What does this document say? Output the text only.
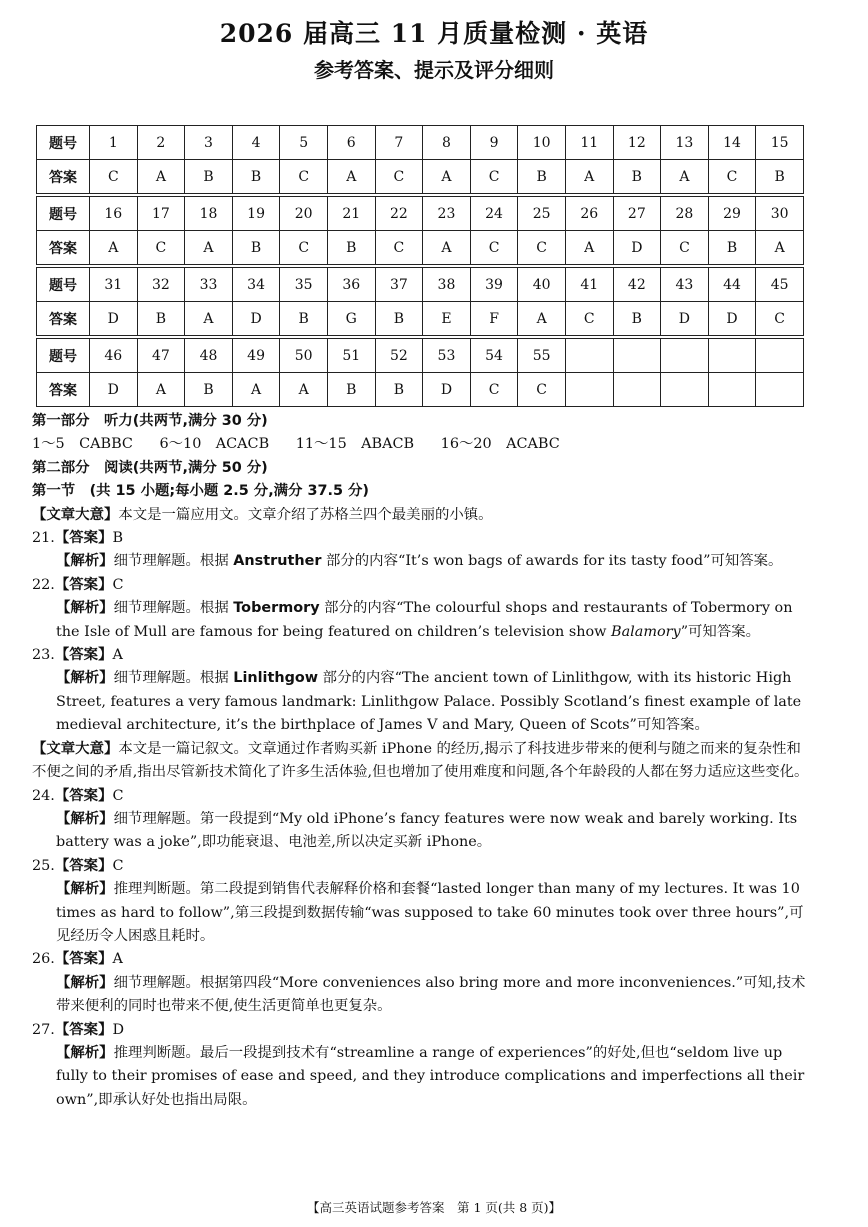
2026 届高三 11 月质量检测 · 英语
参考答案、提示及评分细则
题号	1	2	3	4	5	6	7	8	9	10	11	12	13	14	15
答案	C	A	B	B	C	A	C	A	C	B	A	B	A	C	B
题号	16	17	18	19	20	21	22	23	24	25	26	27	28	29	30
答案	A	C	A	B	C	B	C	A	C	C	A	D	C	B	A
题号	31	32	33	34	35	36	37	38	39	40	41	42	43	44	45
答案	D	B	A	D	B	G	B	E	F	A	C	B	D	D	C
题号	46	47	48	49	50	51	52	53	54	55					
答案	D	A	B	A	A	B	B	D	C	C					

第一部分　听力(共两节,满分 30 分)

1～5　CABBC 6～10　ACACB 11～15　ABACB 16～20　ACABC

第二部分　阅读(共两节,满分 50 分)

第一节　(共 15 小题;每小题 2.5 分,满分 37.5 分)

【文章大意】本文是一篇应用文。文章介绍了苏格兰四个最美丽的小镇。

21.【答案】B

【解析】细节理解题。根据 Anstruther 部分的内容“It’s won bags of awards for its tasty food”可知答案。

22.【答案】C

【解析】细节理解题。根据 Tobermory 部分的内容“The colourful shops and restaurants of Tobermory on the Isle of Mull are famous for being featured on children’s television show Balamory”可知答案。

23.【答案】A

【解析】细节理解题。根据 Linlithgow 部分的内容“The ancient town of Linlithgow, with its historic High Street, features a very famous landmark: Linlithgow Palace. Possibly Scotland’s finest example of late medieval architecture, it’s the birthplace of James V and Mary, Queen of Scots”可知答案。

【文章大意】本文是一篇记叙文。文章通过作者购买新 iPhone 的经历,揭示了科技进步带来的便利与随之而来的复杂性和不便之间的矛盾,指出尽管新技术简化了许多生活体验,但也增加了使用难度和问题,各个年龄段的人都在努力适应这些变化。

24.【答案】C

【解析】细节理解题。第一段提到“My old iPhone’s fancy features were now weak and barely working. Its battery was a joke”,即功能衰退、电池差,所以决定买新 iPhone。

25.【答案】C

【解析】推理判断题。第二段提到销售代表解释价格和套餐“lasted longer than many of my lectures. It was 10 times as hard to follow”,第三段提到数据传输“was supposed to take 60 minutes took over three hours”,可见经历令人困惑且耗时。

26.【答案】A

【解析】细节理解题。根据第四段“More conveniences also bring more and more inconveniences.”可知,技术带来便利的同时也带来不便,使生活更简单也更复杂。

27.【答案】D

【解析】推理判断题。最后一段提到技术有“streamline a range of experiences”的好处,但也“seldom live up fully to their promises of ease and speed, and they introduce complications and imperfections all their own”,即承认好处也指出局限。

【高三英语试题参考答案　第 1 页(共 8 页)】
